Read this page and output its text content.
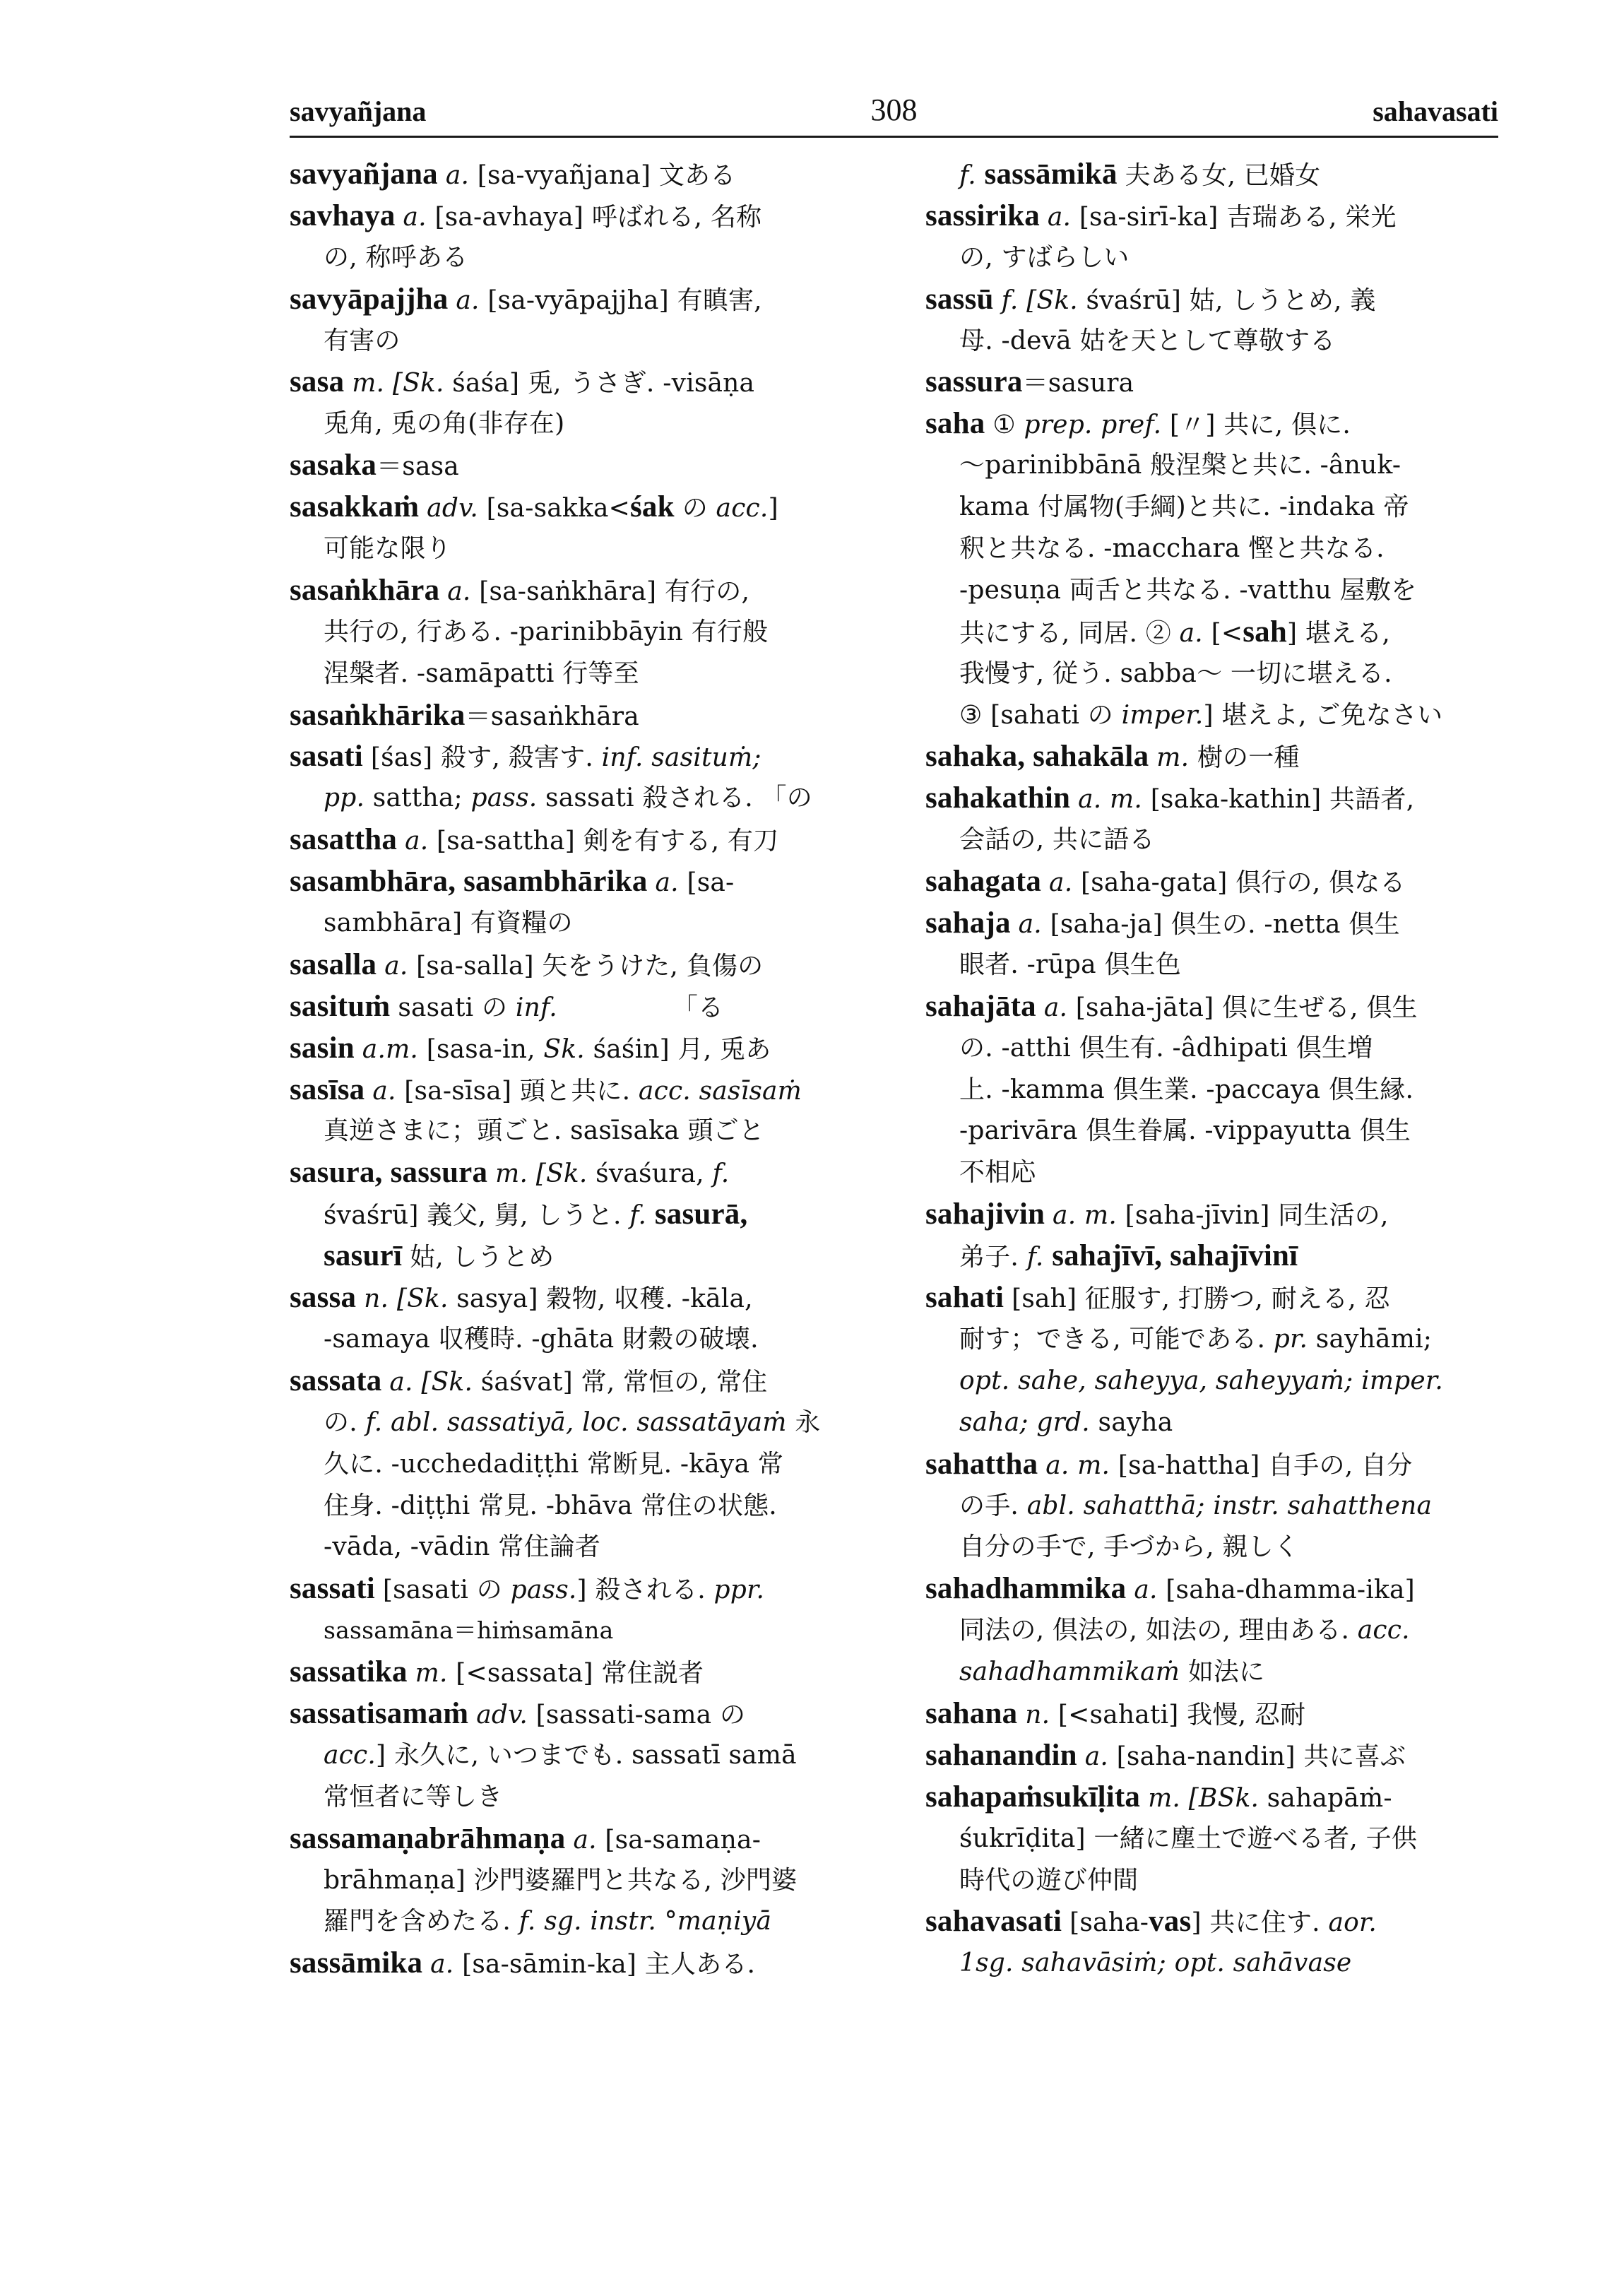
savyañjana	308	sahavasati
savyañjana a. [sa-vyañjana] 文ある
savhaya a. [sa-avhaya] 呼ばれる, 名称
の, 称呼ある
savyāpajjha a. [sa-vyāpajjha] 有瞋害,
有害の
sasa m. [Sk. śaśa] 兎, うさぎ. -visāṇa
兎角, 兎の角(非存在)
sasaka＝sasa
sasakkaṁ adv. [sa-sakka<śak の acc.]
可能な限り
sasaṅkhāra a. [sa-saṅkhāra] 有行の,
共行の, 行ある. -parinibbāyin 有行般
涅槃者. -samāpatti 行等至
sasaṅkhārika＝sasaṅkhāra
sasati [śas] 殺す, 殺害す. inf. sasituṁ;
pp. sattha; pass. sassati 殺される. 「の
sasattha a. [sa-sattha] 剣を有する, 有刀
sasambhāra, sasambhārika a. [sa-
sambhāra] 有資糧の
sasalla a. [sa-salla] 矢をうけた, 負傷の
sasituṁ sasati の inf.　　　　　「る
sasin a.m. [sasa-in, Sk. śaśin] 月, 兎あ
sasīsa a. [sa-sīsa] 頭と共に. acc. sasīsaṁ
真逆さまに；頭ごと. sasīsaka 頭ごと
sasura, sassura m. [Sk. śvaśura, f.
śvaśrū] 義父, 舅, しうと. f. sasurā,
sasurī 姑, しうとめ
sassa n. [Sk. sasya] 穀物, 収穫. -kāla,
-samaya 収穫時. -ghāta 財穀の破壊.
sassata a. [Sk. śaśvat] 常, 常恒の, 常住
の. f. abl. sassatiyā, loc. sassatāyaṁ 永
久に. -ucchedadiṭṭhi 常断見. -kāya 常
住身. -diṭṭhi 常見. -bhāva 常住の状態.
-vāda, -vādin 常住論者
sassati [sasati の pass.] 殺される. ppr.
sassamāna＝hiṁsamāna
sassatika m. [<sassata] 常住説者
sassatisamaṁ adv. [sassati-sama の
acc.] 永久に, いつまでも. sassatī samā
常恒者に等しき
sassamaṇabrāhmaṇa a. [sa-samaṇa-
brāhmaṇa] 沙門婆羅門と共なる, 沙門婆
羅門を含めたる. f. sg. instr. °maṇiyā
sassāmika a. [sa-sāmin-ka] 主人ある.
f. sassāmikā 夫ある女, 已婚女
sassirika a. [sa-sirī-ka] 吉瑞ある, 栄光
の, すばらしい
sassū f. [Sk. śvaśrū] 姑, しうとめ, 義
母. -devā 姑を天として尊敬する
sassura＝sasura
saha ① prep. pref. [〃] 共に, 倶に.
～parinibbānā 般涅槃と共に. -ânuk-
kama 付属物(手綱)と共に. -indaka 帝
釈と共なる. -macchara 慳と共なる.
-pesuṇa 両舌と共なる. -vatthu 屋敷を
共にする, 同居. ② a. [<sah] 堪える,
我慢す, 従う. sabba～ 一切に堪える.
③ [sahati の imper.] 堪えよ, ご免なさい
sahaka, sahakāla m. 樹の一種
sahakathin a. m. [saka-kathin] 共語者,
会話の, 共に語る
sahagata a. [saha-gata] 倶行の, 倶なる
sahaja a. [saha-ja] 倶生の. -netta 倶生
眼者. -rūpa 倶生色
sahajāta a. [saha-jāta] 倶に生ぜる, 倶生
の. -atthi 倶生有. -âdhipati 倶生増
上. -kamma 倶生業. -paccaya 倶生縁.
-parivāra 倶生眷属. -vippayutta 倶生
不相応
sahajivin a. m. [saha-jīvin] 同生活の,
弟子. f. sahajīvī, sahajīvinī
sahati [sah] 征服す, 打勝つ, 耐える, 忍
耐す；できる, 可能である. pr. sayhāmi;
opt. sahe, saheyya, saheyyaṁ; imper.
saha; grd. sayha
sahattha a. m. [sa-hattha] 自手の, 自分
の手. abl. sahatthā; instr. sahatthena
自分の手で, 手づから, 親しく
sahadhammika a. [saha-dhamma-ika]
同法の, 倶法の, 如法の, 理由ある. acc.
sahadhammikaṁ 如法に
sahana n. [<sahati] 我慢, 忍耐
sahanandin a. [saha-nandin] 共に喜ぶ
sahapaṁsukīḷita m. [BSk. sahapāṁ-
śukrīḍita] 一緒に塵土で遊べる者, 子供
時代の遊び仲間
sahavasati [saha-vas] 共に住す. aor.
1sg. sahavāsiṁ; opt. sahāvase
